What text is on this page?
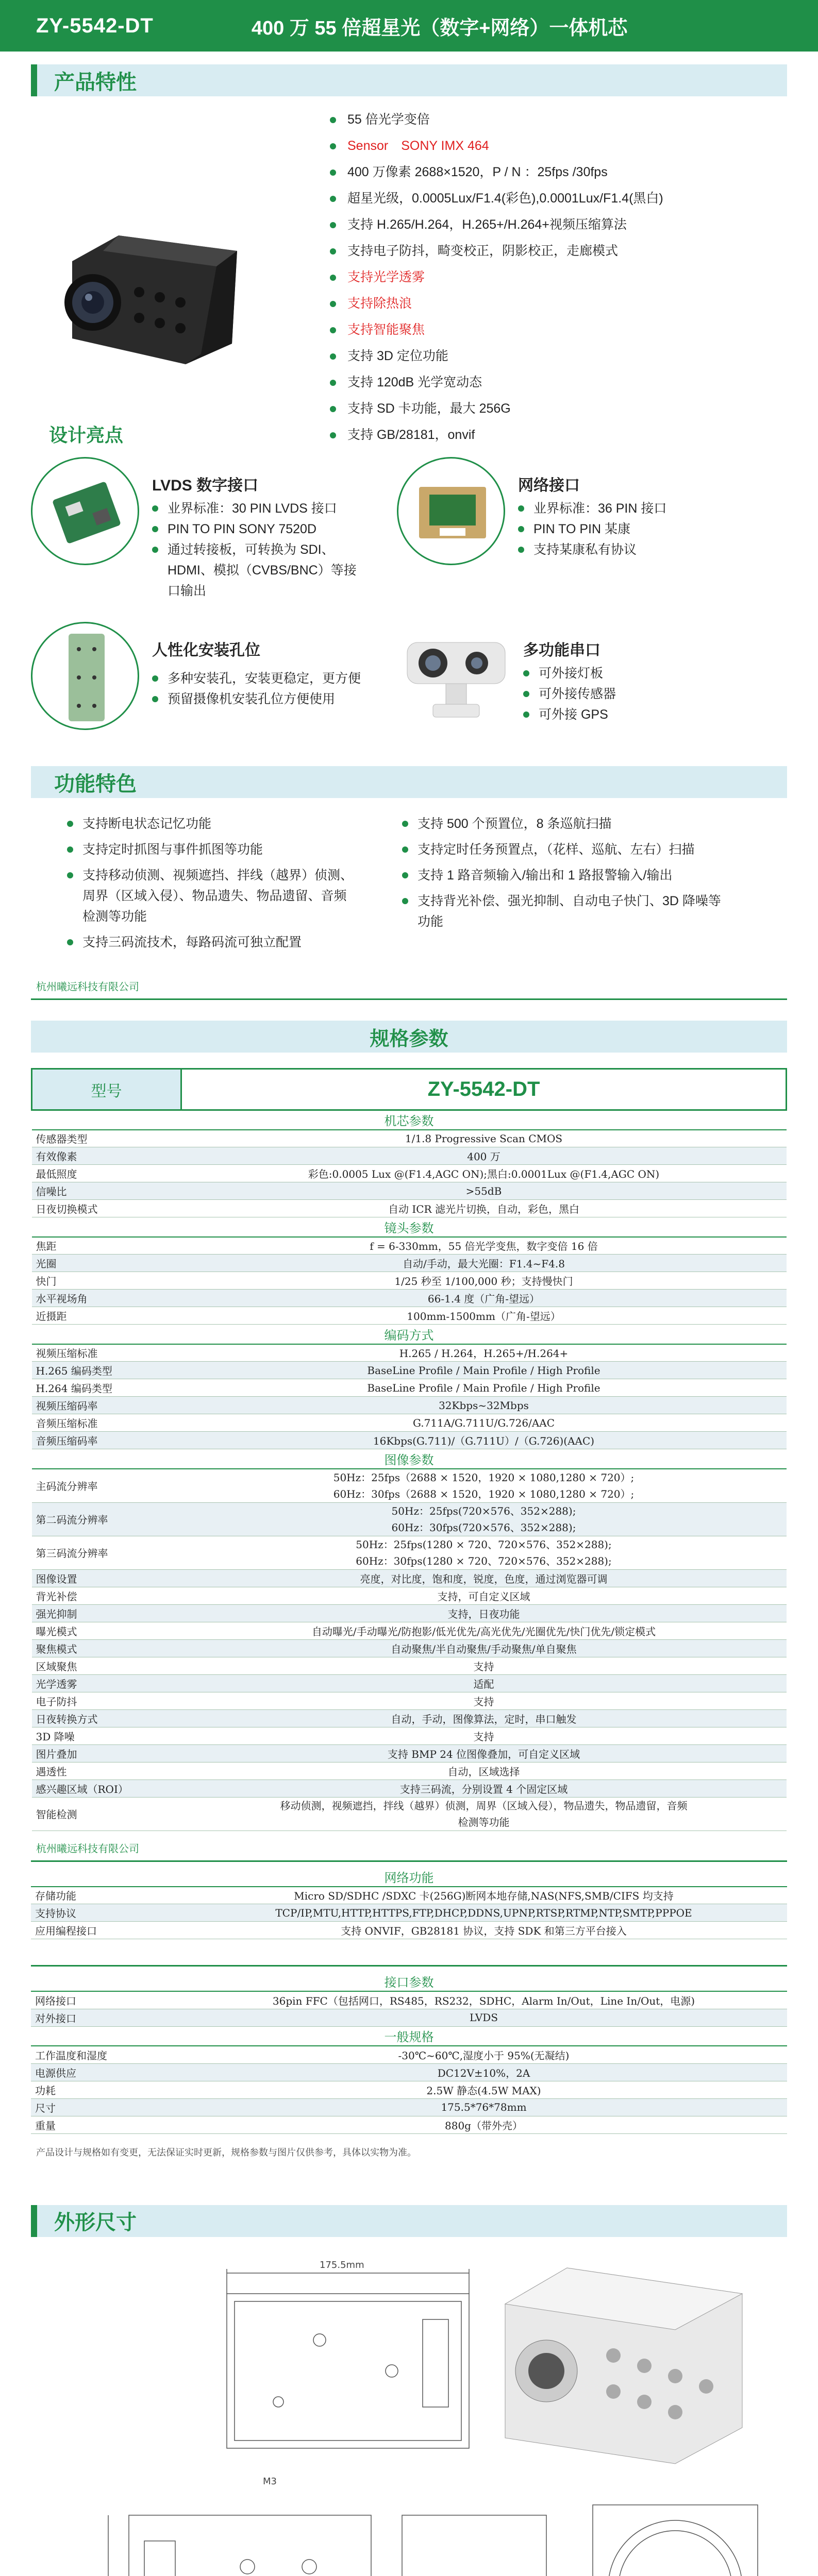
ZY-5542-DT	400 万 55 倍超星光（数字+网络）一体机芯
产品特性
设计亮点
55 倍光学变倍
Sensor　SONY IMX 464
400 万像素 2688×1520，P / N ：25fps /30fps
超星光级，0.0005Lux/F1.4(彩色),0.0001Lux/F1.4(黑白)
支持 H.265/H.264，H.265+/H.264+视频压缩算法
支持电子防抖，畸变校正，阴影校正，走廊模式
支持光学透雾
支持除热浪
支持智能聚焦
支持 3D 定位功能
支持 120dB 光学宽动态
支持 SD 卡功能，最大 256G
支持 GB/28181，onvif
LVDS 数字接口
业界标准：30 PIN LVDS 接口
PIN TO PIN SONY 7520D
通过转接板，可转换为 SDI、HDMI、模拟（CVBS/BNC）等接口输出
网络接口
业界标准：36 PIN 接口
PIN TO PIN 某康
支持某康私有协议
人性化安装孔位
多种安装孔，安装更稳定，更方便
预留摄像机安装孔位方便使用
多功能串口
可外接灯板
可外接传感器
可外接 GPS
功能特色
支持断电状态记忆功能
支持定时抓图与事件抓图等功能
支持移动侦测、视频遮挡、拌线（越界）侦测、周界（区域入侵）、物品遗失、物品遗留、音频检测等功能
支持三码流技术，每路码流可独立配置
支持 500 个预置位，8 条巡航扫描
支持定时任务预置点，（花样、巡航、左右）扫描
支持 1 路音频输入/输出和 1 路报警输入/输出
支持背光补偿、强光抑制、自动电子快门、3D 降噪等功能
杭州曦远科技有限公司
规格参数
型号	ZY-5542-DT
机芯参数	
传感器类型	1/1.8 Progressive Scan CMOS
有效像素	400 万
最低照度	彩色:0.0005 Lux @(F1.4,AGC ON);黑白:0.0001Lux @(F1.4,AGC ON)
信噪比	>55dB
日夜切换模式	自动 ICR 滤光片切换，自动，彩色，黑白
镜头参数	
焦距	f = 6-330mm，55 倍光学变焦，数字变倍 16 倍
光圈	自动/手动，最大光圈：F1.4~F4.8
快门	1/25 秒至 1/100,000 秒；支持慢快门
水平视场角	66-1.4 度（广角-望远）
近摄距	100mm-1500mm（广角-望远）
编码方式	
视频压缩标准	H.265 / H.264，H.265+/H.264+
H.265 编码类型	BaseLine Profile / Main Profile / High Profile
H.264 编码类型	BaseLine Profile / Main Profile / High Profile
视频压缩码率	32Kbps~32Mbps
音频压缩标准	G.711A/G.711U/G.726/AAC
音频压缩码率	16Kbps(G.711)/（G.711U）/（G.726)(AAC)
图像参数	
主码流分辨率	50Hz：25fps（2688 × 1520，1920 × 1080,1280 × 720）;
60Hz：30fps（2688 × 1520，1920 × 1080,1280 × 720）;
第二码流分辨率	50Hz：25fps(720×576、352×288);
60Hz：30fps(720×576、352×288);
第三码流分辨率	50Hz：25fps(1280 × 720、720×576、352×288);
60Hz：30fps(1280 × 720、720×576、352×288);
图像设置	亮度，对比度，饱和度，锐度，色度，通过浏览器可调
背光补偿	支持，可自定义区域
强光抑制	支持，日夜功能
曝光模式	自动曝光/手动曝光/防抱影/低光优先/高光优先/光圈优先/快门优先/锁定模式
聚焦模式	自动聚焦/半自动聚焦/手动聚焦/单自聚焦
区域聚焦	支持
光学透雾	适配
电子防抖	支持
日夜转换方式	自动，手动，图像算法，定时，串口触发
3D 降噪	支持
图片叠加	支持 BMP 24 位图像叠加，可自定义区域
遇透性	自动，区域选择
感兴趣区域（ROI）	支持三码流，分别设置 4 个固定区域
智能检测	移动侦测，视频遮挡，拌线（越界）侦测，周界（区域入侵），物品遗失，物品遗留，音频
检测等功能
杭州曦远科技有限公司
网络功能	
存储功能	Micro SD/SDHC /SDXC 卡(256G)断网本地存储,NAS(NFS,SMB/CIFS 均支持
支持协议	TCP/IP,MTU,HTTP,HTTPS,FTP,DHCP,DDNS,UPNP,RTSP,RTMP,NTP,SMTP,PPPOE
应用编程接口	支持 ONVIF，GB28181 协议，支持 SDK 和第三方平台接入
接口参数	
网络接口	36pin FFC（包括网口，RS485，RS232，SDHC，Alarm In/Out，Line In/Out，电源)
对外接口	LVDS
一般规格	
工作温度和湿度	-30℃~60℃,湿度小于 95%(无凝结)
电源供应	DC12V±10%，2A
功耗	2.5W 静态(4.5W MAX)
尺寸	175.5*76*78mm
重量	880g（带外壳）
产品设计与规格如有变更，无法保证实时更新，规格参数与图片仅供参考，具体以实物为准。
外形尺寸
175.5mm
M3
